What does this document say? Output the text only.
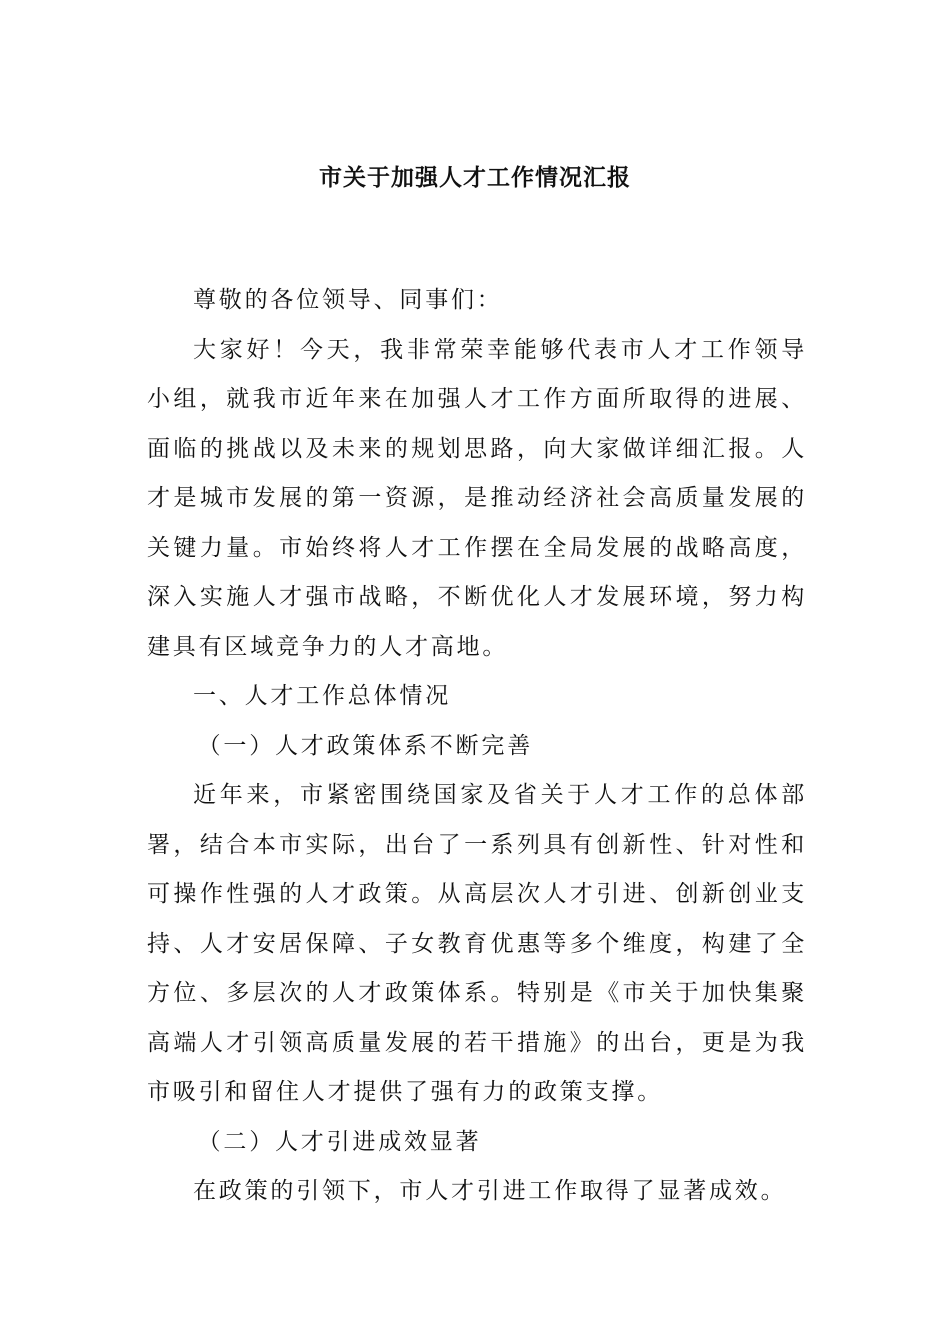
市关于加强人才工作情况汇报

尊敬的各位领导、同事们：

大家好！今天，我非常荣幸能够代表市人才工作领导小组，就我市近年来在加强人才工作方面所取得的进展、面临的挑战以及未来的规划思路，向大家做详细汇报。人才是城市发展的第一资源，是推动经济社会高质量发展的关键力量。市始终将人才工作摆在全局发展的战略高度，深入实施人才强市战略，不断优化人才发展环境，努力构建具有区域竞争力的人才高地。

一、人才工作总体情况

（一）人才政策体系不断完善

近年来，市紧密围绕国家及省关于人才工作的总体部署，结合本市实际，出台了一系列具有创新性、针对性和可操作性强的人才政策。从高层次人才引进、创新创业支持、人才安居保障、子女教育优惠等多个维度，构建了全方位、多层次的人才政策体系。特别是《市关于加快集聚高端人才引领高质量发展的若干措施》的出台，更是为我市吸引和留住人才提供了强有力的政策支撑。

（二）人才引进成效显著

在政策的引领下，市人才引进工作取得了显著成效。
